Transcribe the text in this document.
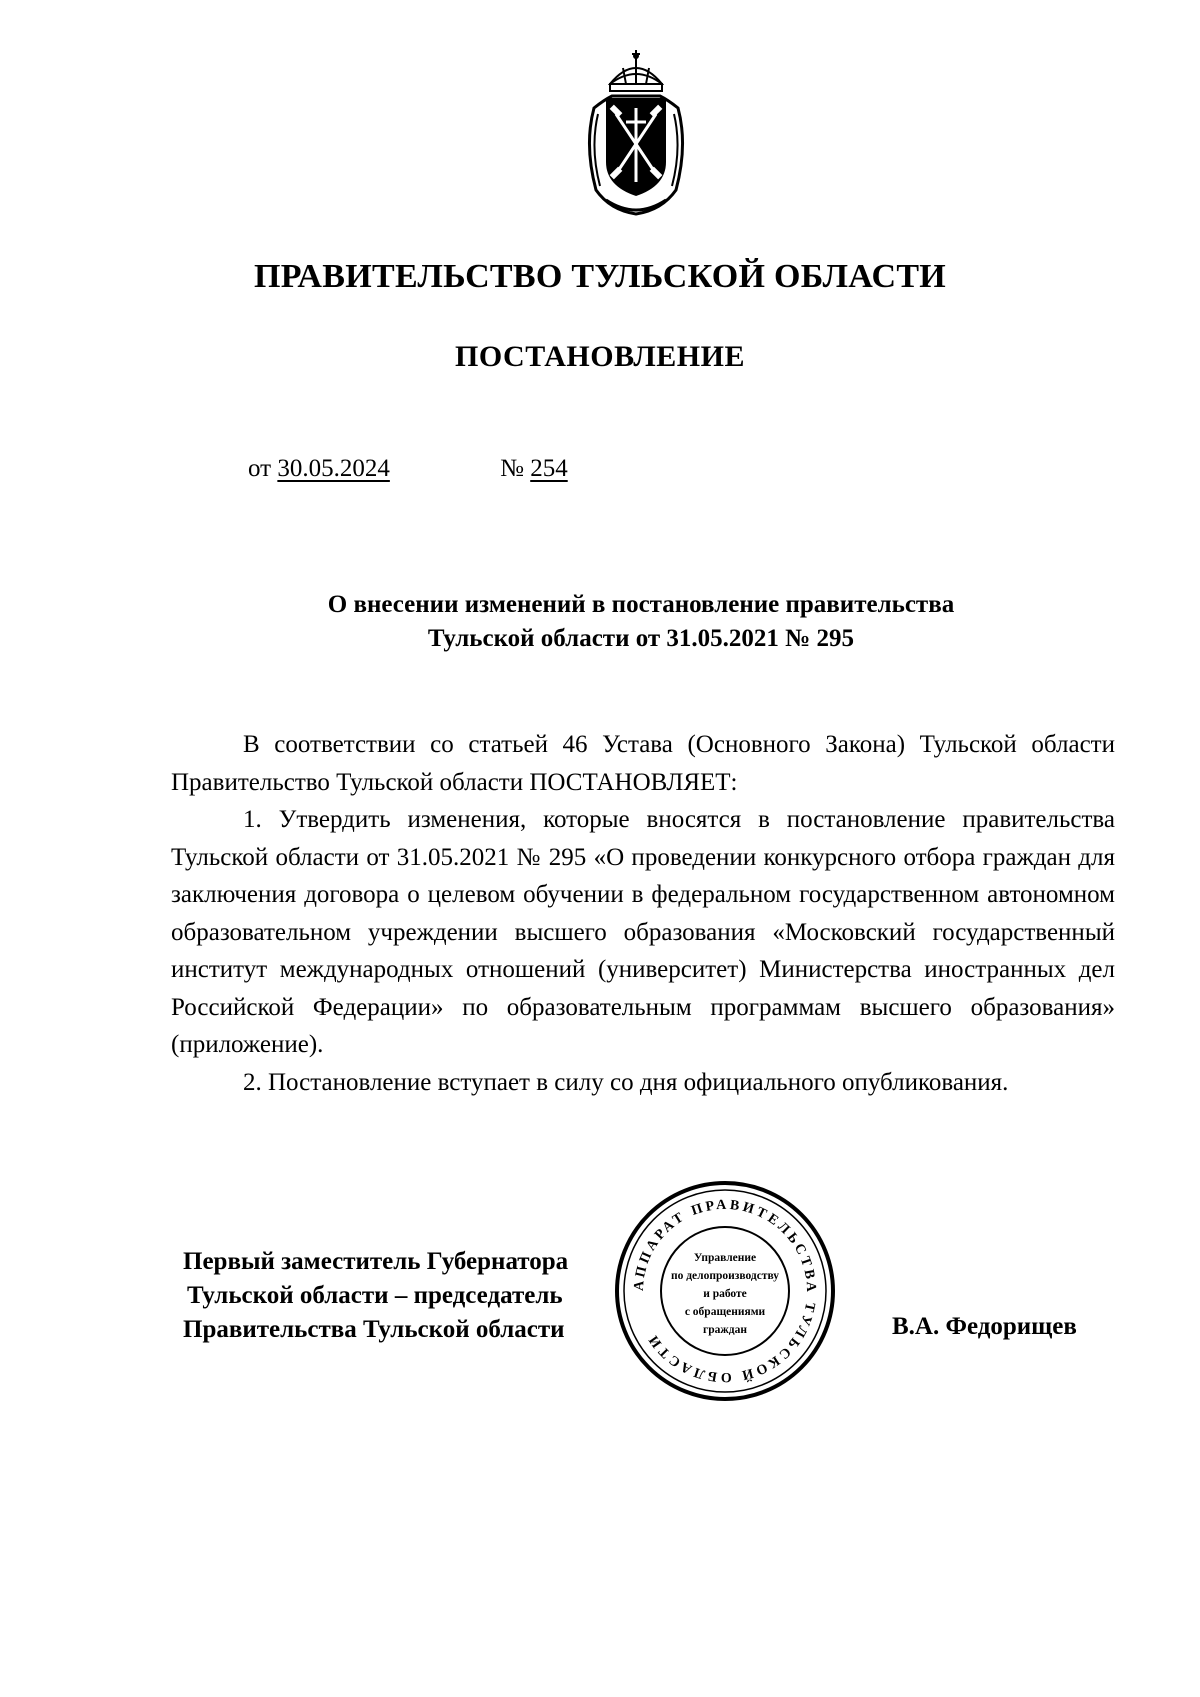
ПРАВИТЕЛЬСТВО ТУЛЬСКОЙ ОБЛАСТИ
ПОСТАНОВЛЕНИЕ
от 30.05.2024	№ 254
О внесении изменений в постановление правительства
Тульской области от 31.05.2021 № 295

В соответствии со статьей 46 Устава (Основного Закона) Тульской области Правительство Тульской области ПОСТАНОВЛЯЕТ:

1. Утвердить изменения, которые вносятся в постановление правительства Тульской области от 31.05.2021 № 295 «О проведении конкурсного отбора граждан для заключения договора о целевом обучении в федеральном государственном автономном образовательном учреждении высшего образования «Московский государственный институт международных отношений (университет) Министерства иностранных дел Российской Федерации» по образовательным программам высшего образования» (приложение).

2. Постановление вступает в силу со дня официального опубликования.

Первый заместитель Губернатора
Тульской области – председатель
Правительства Тульской области	В.А. Федорищев
АППАРАТ ПРАВИТЕЛЬСТВА ТУЛЬСКОЙ ОБЛАСТИ
Управление
по делопроизводству
и работе
с обращениями
граждан
